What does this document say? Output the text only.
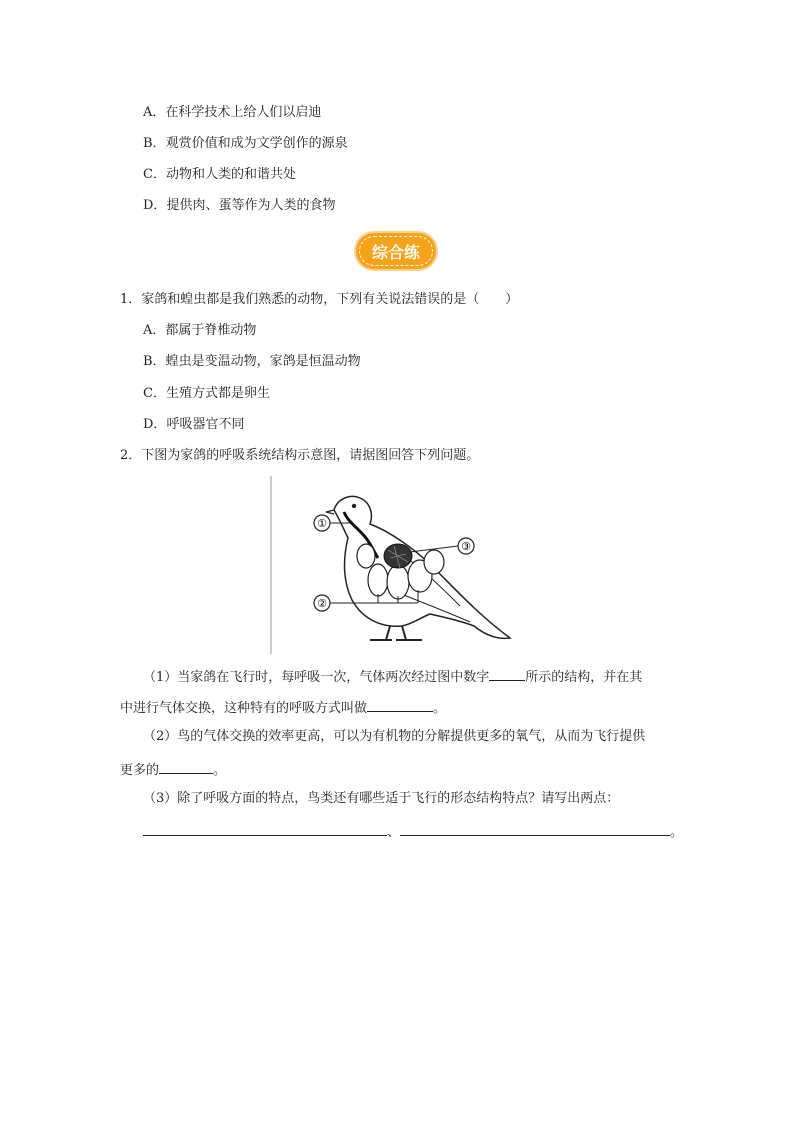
A．在科学技术上给人们以启迪
B．观赏价值和成为文学创作的源泉
C．动物和人类的和谐共处
D．提供肉、蛋等作为人类的食物
综合练
1．家鸽和蝗虫都是我们熟悉的动物，下列有关说法错误的是（　　）
A．都属于脊椎动物
B．蝗虫是变温动物，家鸽是恒温动物
C．生殖方式都是卵生
D．呼吸器官不同
2．下图为家鸽的呼吸系统结构示意图，请据图回答下列问题。
①
③
②
（1）当家鸽在飞行时，每呼吸一次，气体两次经过图中数字	所示的结构，并在其
中进行气体交换，这种特有的呼吸方式叫做	。
（2）鸟的气体交换的效率更高，可以为有机物的分解提供更多的氧气，从而为飞行提供
更多的	。
（3）除了呼吸方面的特点，鸟类还有哪些适于飞行的形态结构特点？请写出两点：
、	。
